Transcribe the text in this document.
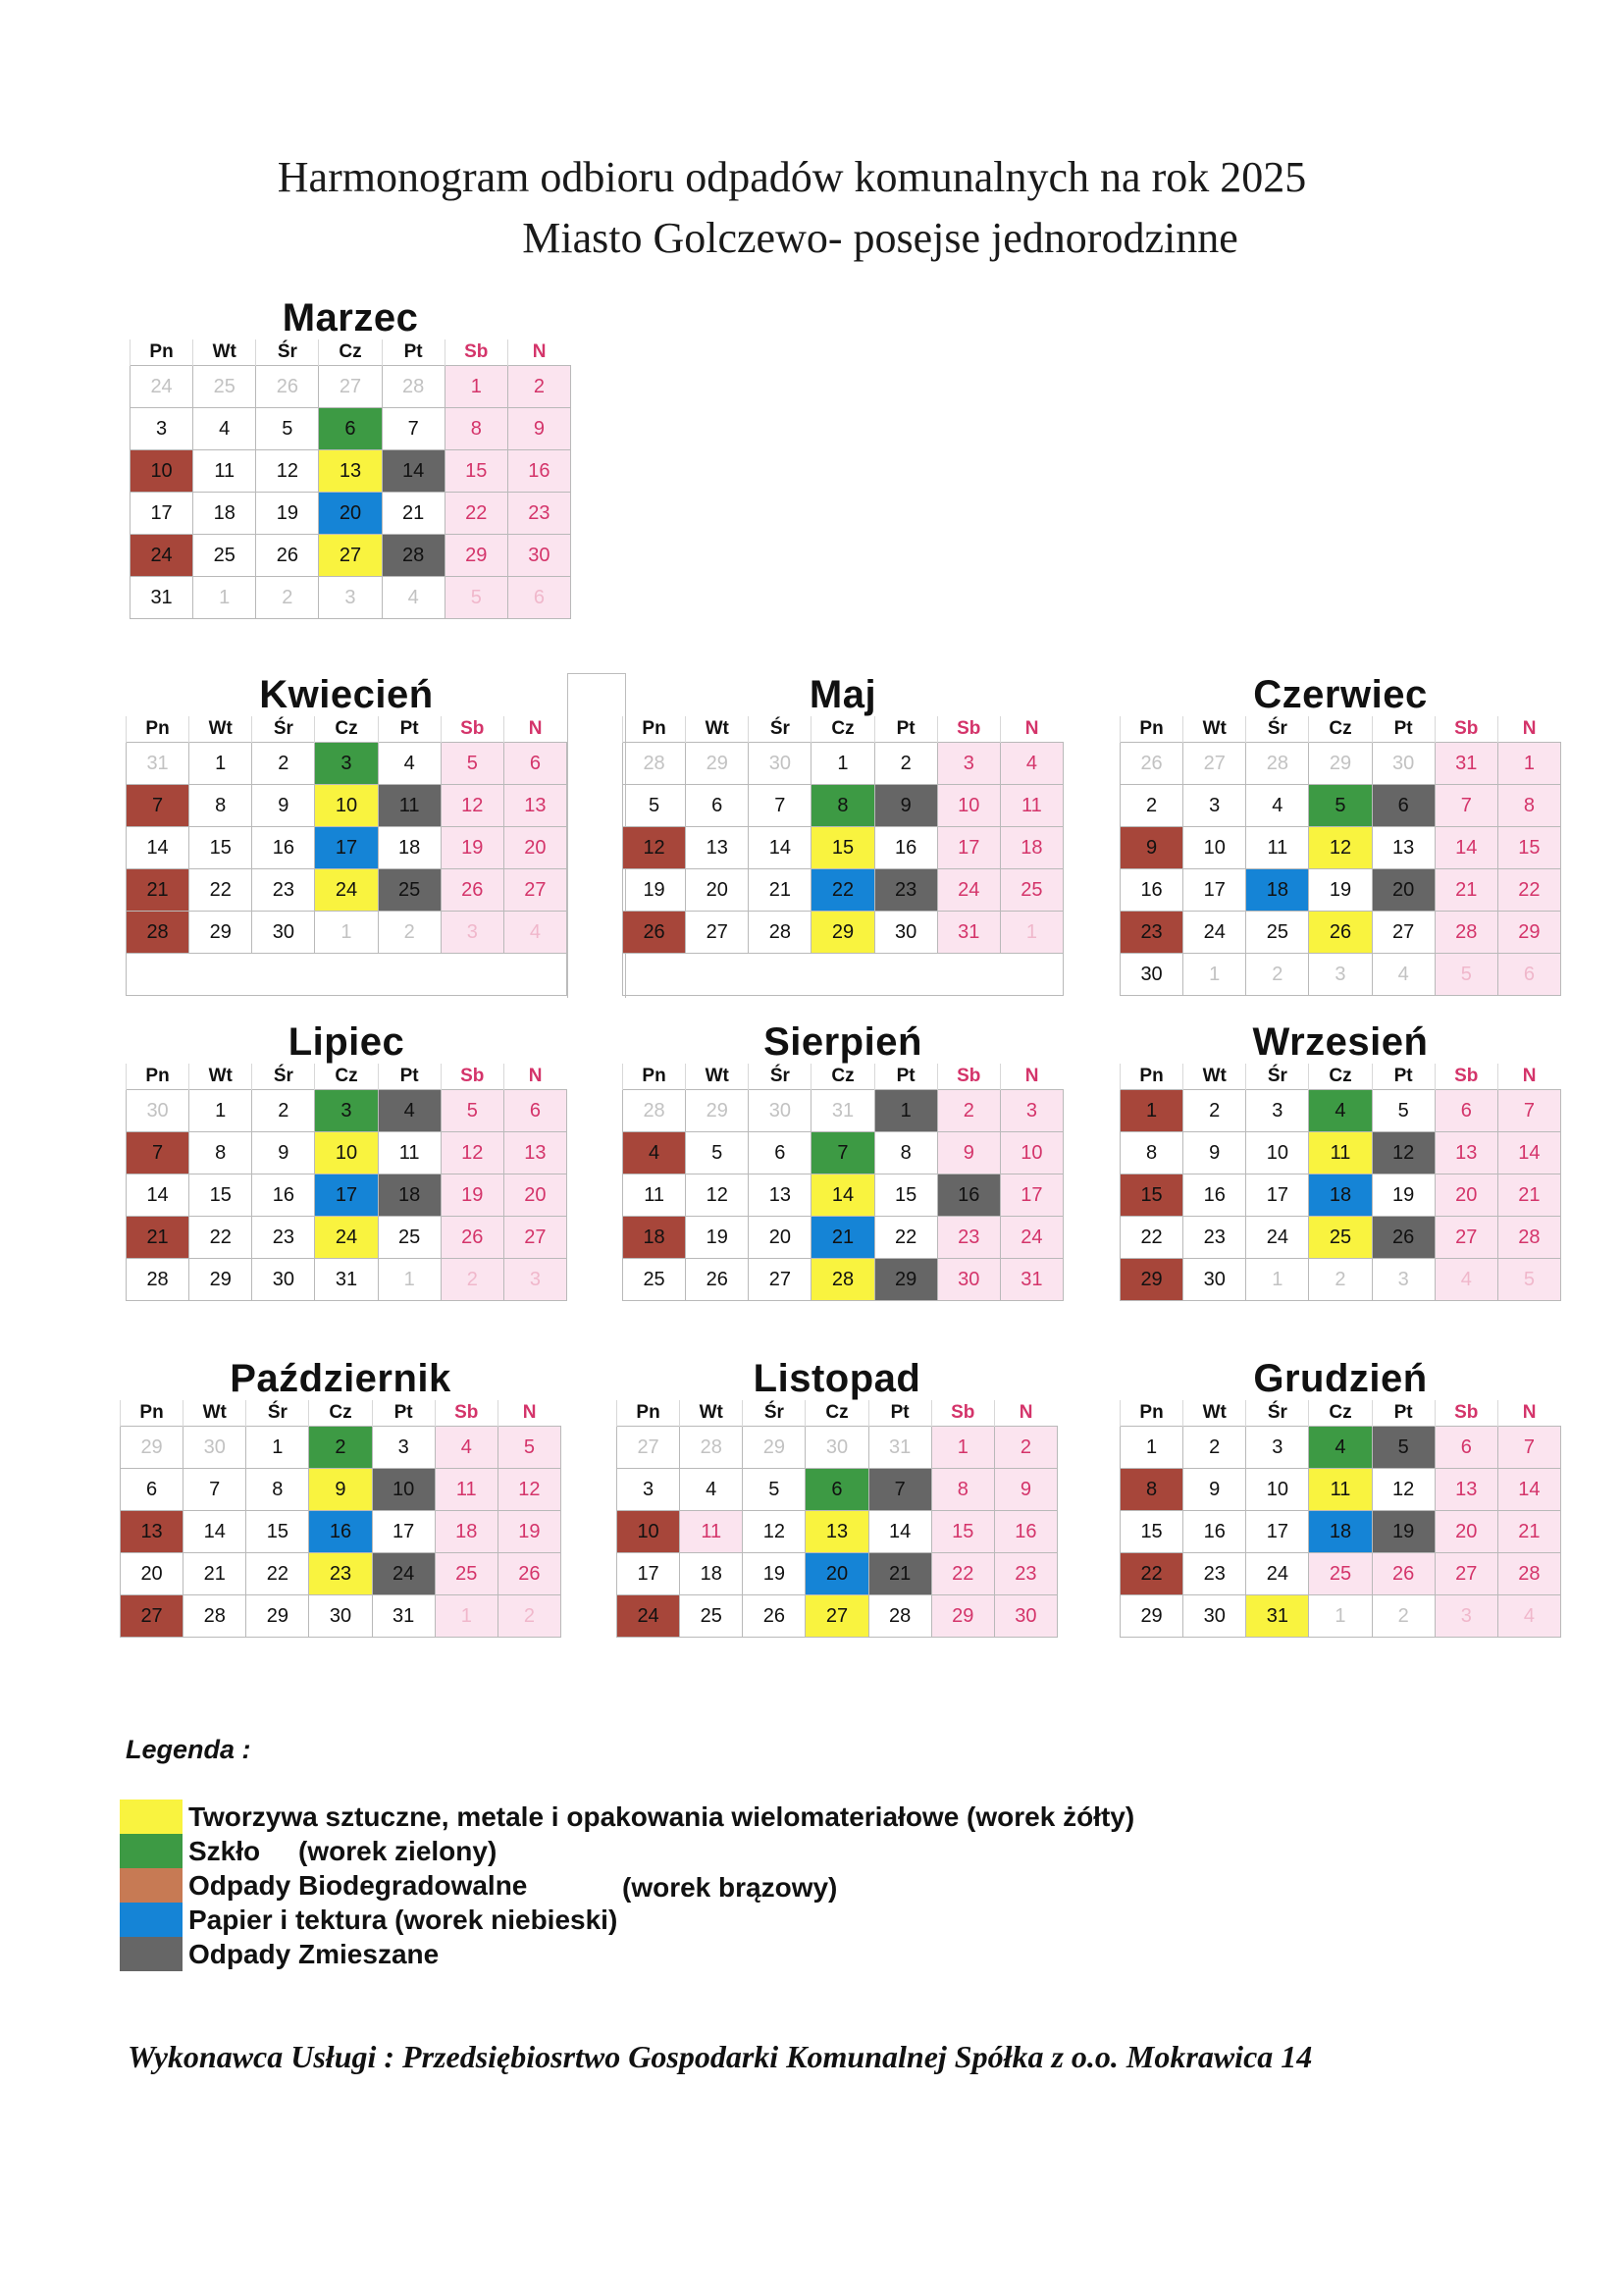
Harmonogram odbioru odpadów komunalnych na rok 2025
Miasto Golczewo- posejse jednorodzinne
Marzec
Pn	Wt	Śr	Cz	Pt	Sb	N
24	25	26	27	28	1	2
3	4	5	6	7	8	9
10	11	12	13	14	15	16
17	18	19	20	21	22	23
24	25	26	27	28	29	30
31	1	2	3	4	5	6
Kwiecień
Pn	Wt	Śr	Cz	Pt	Sb	N
31	1	2	3	4	5	6
7	8	9	10	11	12	13
14	15	16	17	18	19	20
21	22	23	24	25	26	27
28	29	30	1	2	3	4

Maj
Pn	Wt	Śr	Cz	Pt	Sb	N
28	29	30	1	2	3	4
5	6	7	8	9	10	11
12	13	14	15	16	17	18
19	20	21	22	23	24	25
26	27	28	29	30	31	1

Czerwiec
Pn	Wt	Śr	Cz	Pt	Sb	N
26	27	28	29	30	31	1
2	3	4	5	6	7	8
9	10	11	12	13	14	15
16	17	18	19	20	21	22
23	24	25	26	27	28	29
30	1	2	3	4	5	6
Lipiec
Pn	Wt	Śr	Cz	Pt	Sb	N
30	1	2	3	4	5	6
7	8	9	10	11	12	13
14	15	16	17	18	19	20
21	22	23	24	25	26	27
28	29	30	31	1	2	3
Sierpień
Pn	Wt	Śr	Cz	Pt	Sb	N
28	29	30	31	1	2	3
4	5	6	7	8	9	10
11	12	13	14	15	16	17
18	19	20	21	22	23	24
25	26	27	28	29	30	31
Wrzesień
Pn	Wt	Śr	Cz	Pt	Sb	N
1	2	3	4	5	6	7
8	9	10	11	12	13	14
15	16	17	18	19	20	21
22	23	24	25	26	27	28
29	30	1	2	3	4	5
Październik
Pn	Wt	Śr	Cz	Pt	Sb	N
29	30	1	2	3	4	5
6	7	8	9	10	11	12
13	14	15	16	17	18	19
20	21	22	23	24	25	26
27	28	29	30	31	1	2
Listopad
Pn	Wt	Śr	Cz	Pt	Sb	N
27	28	29	30	31	1	2
3	4	5	6	7	8	9
10	11	12	13	14	15	16
17	18	19	20	21	22	23
24	25	26	27	28	29	30
Grudzień
Pn	Wt	Śr	Cz	Pt	Sb	N
1	2	3	4	5	6	7
8	9	10	11	12	13	14
15	16	17	18	19	20	21
22	23	24	25	26	27	28
29	30	31	1	2	3	4
Legenda :
Tworzywa sztuczne, metale i opakowania wielomateriałowe (worek żółty)
Szkło     (worek zielony)
Odpady Biodegradowalne	(worek brązowy)
Papier i tektura (worek niebieski)
Odpady Zmieszane
Wykonawca Usługi : Przedsiębiosrtwo Gospodarki Komunalnej Spółka z o.o. Mokrawica 14
